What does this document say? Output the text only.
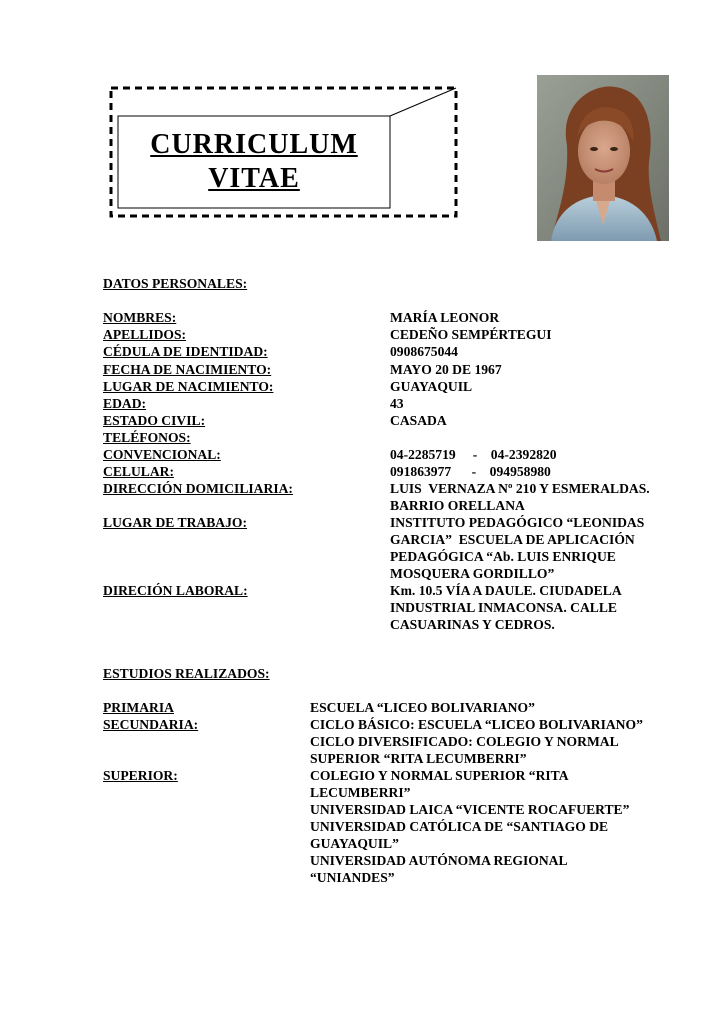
CURRICULUM
VITAE
DATOS PERSONALES:
NOMBRES:	MARÍA LEONOR
APELLIDOS:	CEDEÑO SEMPÉRTEGUI
CÉDULA DE IDENTIDAD:	0908675044
FECHA DE NACIMIENTO:	MAYO 20 DE 1967
LUGAR DE NACIMIENTO:	GUAYAQUIL
EDAD:	43
ESTADO CIVIL:	CASADA
TELÉFONOS:
CONVENCIONAL:	04-2285719     -    04-2392820
CELULAR:	091863977      -    094958980
DIRECCIÓN DOMICILIARIA:	LUIS  VERNAZA Nº 210 Y ESMERALDAS.
BARRIO ORELLANA
LUGAR DE TRABAJO:	INSTITUTO PEDAGÓGICO “LEONIDAS
GARCIA”  ESCUELA DE APLICACIÓN
PEDAGÓGICA “Ab. LUIS ENRIQUE
MOSQUERA GORDILLO”
DIRECIÓN LABORAL:	Km. 10.5 VÍA A DAULE. CIUDADELA
INDUSTRIAL INMACONSA. CALLE
CASUARINAS Y CEDROS.
ESTUDIOS REALIZADOS:
PRIMARIA	ESCUELA “LICEO BOLIVARIANO”
SECUNDARIA:	CICLO BÁSICO: ESCUELA “LICEO BOLIVARIANO”
CICLO DIVERSIFICADO: COLEGIO Y NORMAL
SUPERIOR “RITA LECUMBERRI”
SUPERIOR:	COLEGIO Y NORMAL SUPERIOR “RITA
LECUMBERRI”
UNIVERSIDAD LAICA “VICENTE ROCAFUERTE”
UNIVERSIDAD CATÓLICA DE “SANTIAGO DE
GUAYAQUIL”
UNIVERSIDAD AUTÓNOMA REGIONAL
“UNIANDES”
